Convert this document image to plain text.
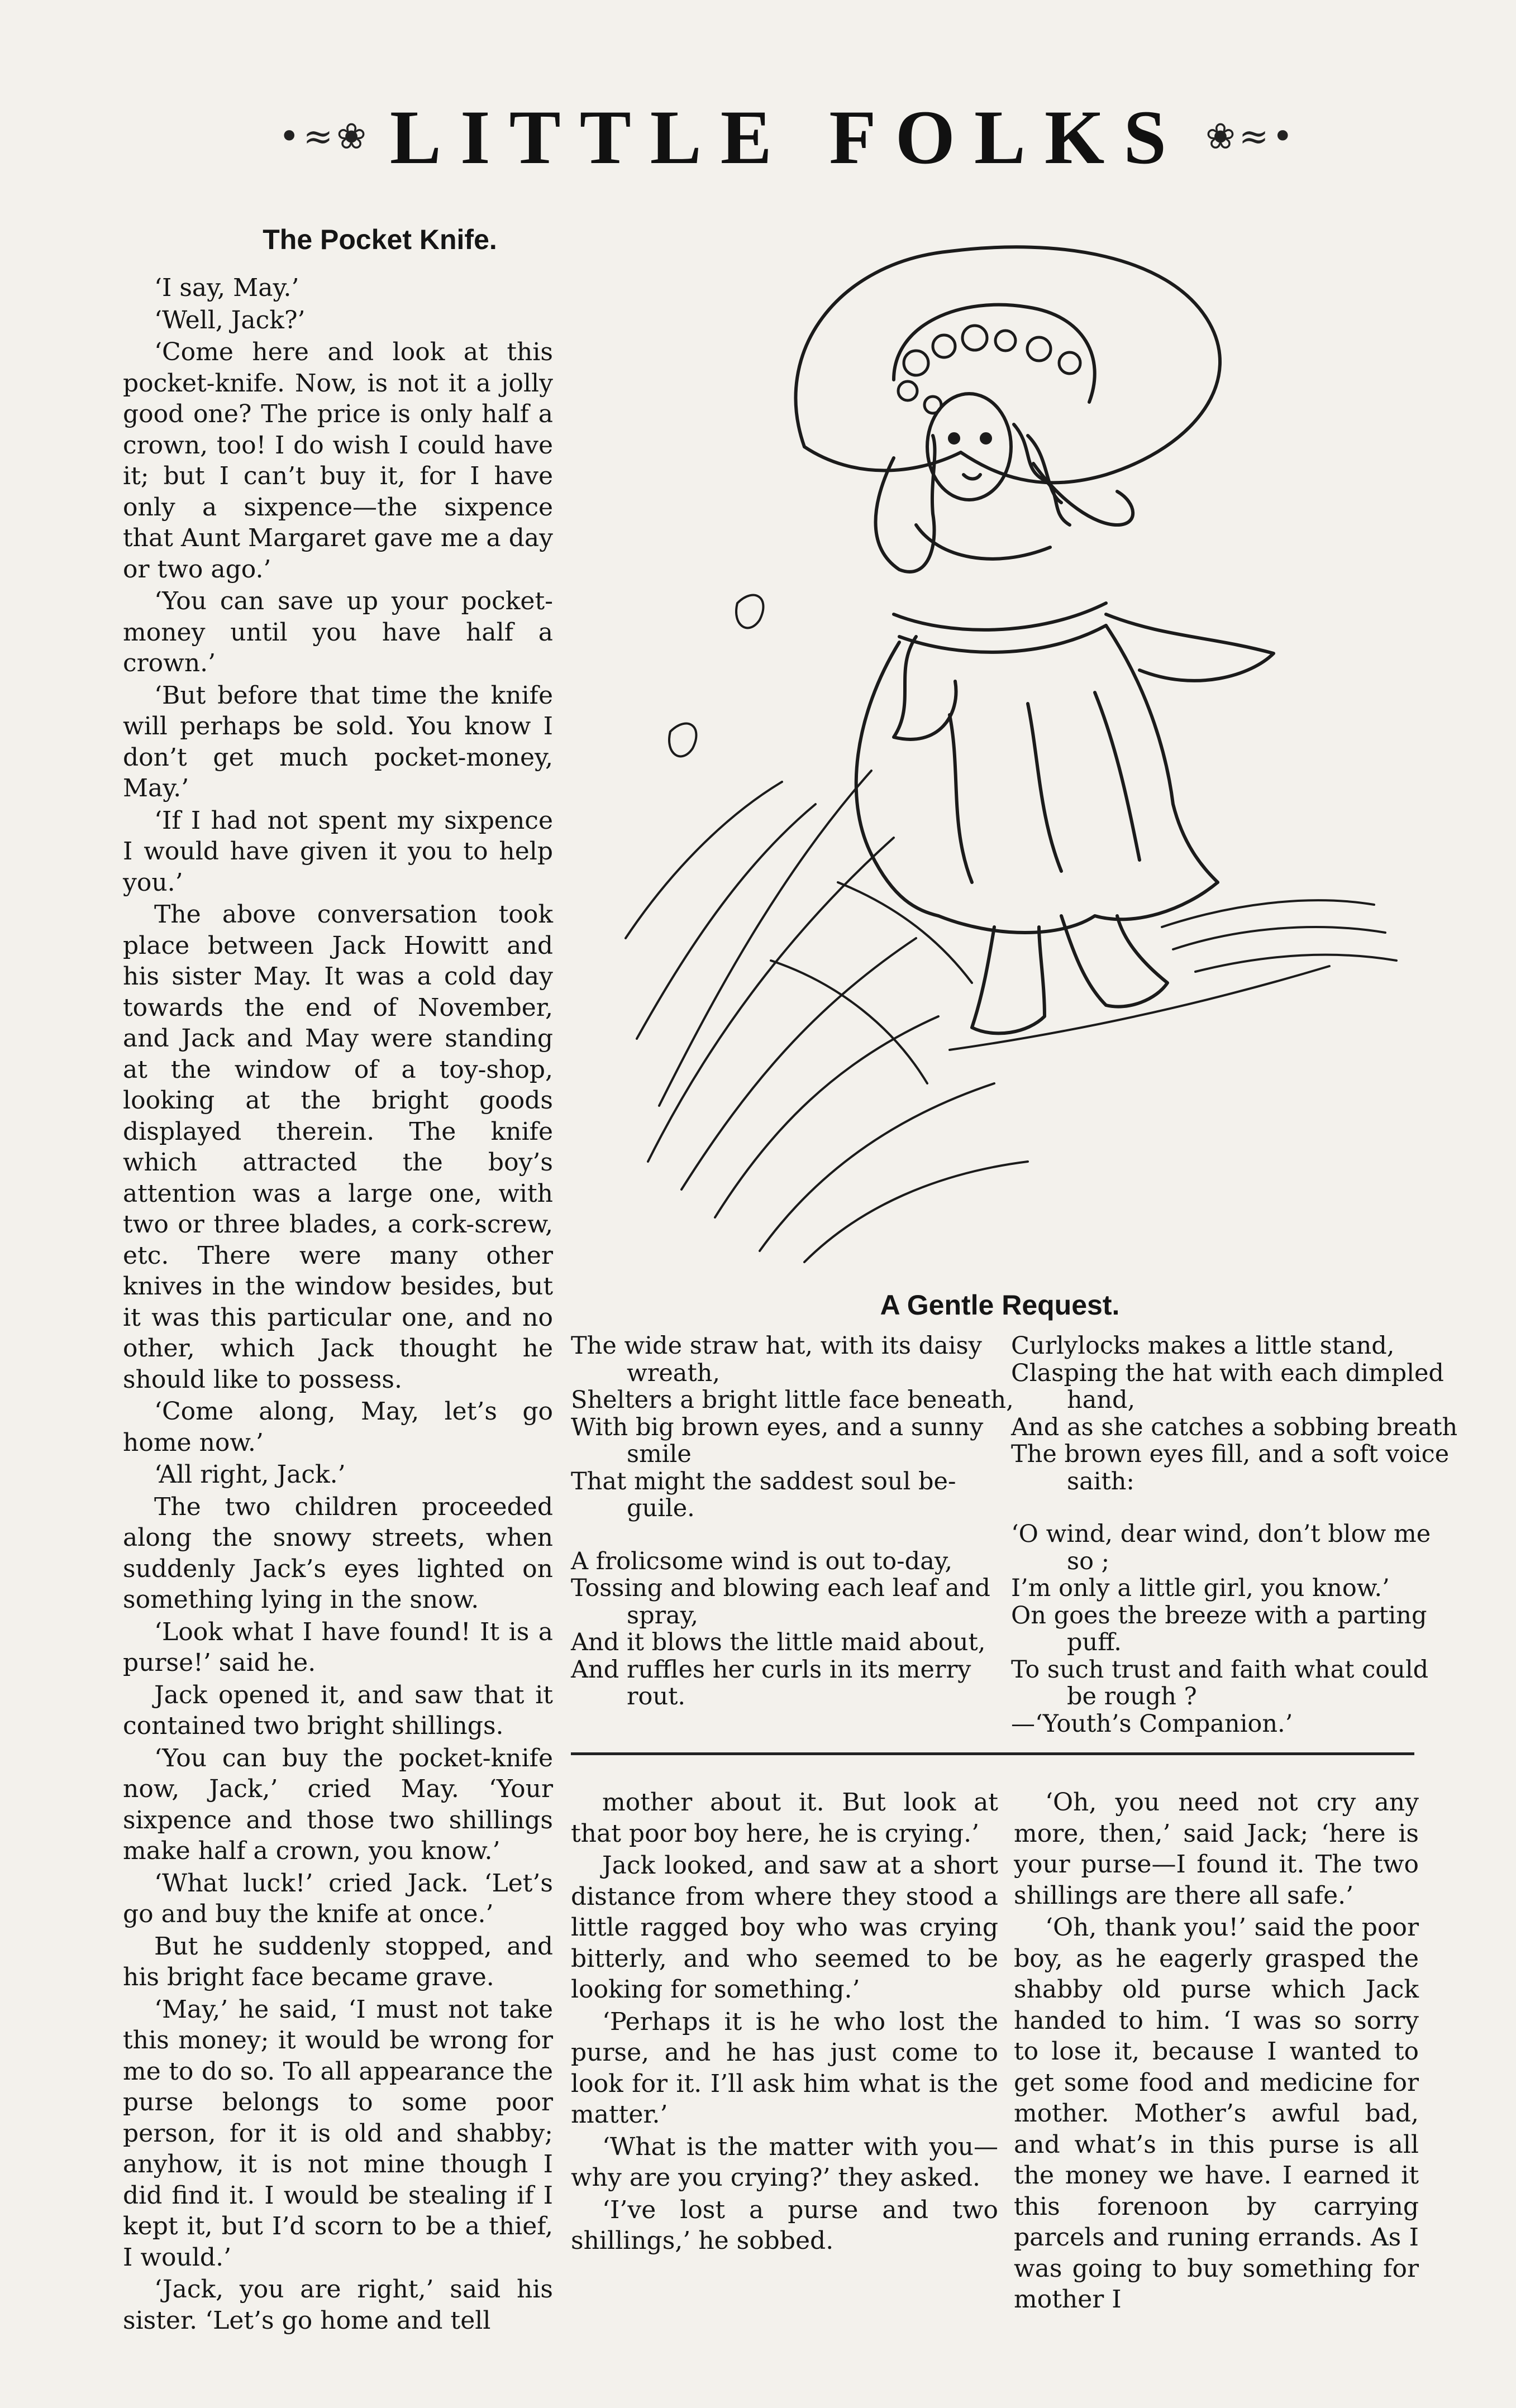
•≈❀ LITTLE FOLKS ❀≈•
The Pocket Knife.

‘I say, May.’

‘Well, Jack?’

‘Come here and look at this pocket-knife. Now, is not it a jolly good one? The price is only half a crown, too! I do wish I could have it; but I can’t buy it, for I have only a sixpence—the sixpence that Aunt Margaret gave me a day or two ago.’

‘You can save up your pocket-money until you have half a crown.’

‘But before that time the knife will perhaps be sold. You know I don’t get much pocket-money, May.’

‘If I had not spent my sixpence I would have given it you to help you.’

The above conversation took place between Jack Howitt and his sister May. It was a cold day towards the end of November, and Jack and May were standing at the window of a toy-shop, looking at the bright goods displayed therein. The knife which attracted the boy’s attention was a large one, with two or three blades, a cork-screw, etc. There were many other knives in the window besides, but it was this particular one, and no other, which Jack thought he should like to possess.

‘Come along, May, let’s go home now.’

‘All right, Jack.’

The two children proceeded along the snowy streets, when suddenly Jack’s eyes lighted on something lying in the snow.

‘Look what I have found! It is a purse!’ said he.

Jack opened it, and saw that it contained two bright shillings.

‘You can buy the pocket-knife now, Jack,’ cried May. ‘Your sixpence and those two shillings make half a crown, you know.’

‘What luck!’ cried Jack. ‘Let’s go and buy the knife at once.’

But he suddenly stopped, and his bright face became grave.

‘May,’ he said, ‘I must not take this money; it would be wrong for me to do so. To all appearance the purse belongs to some poor person, for it is old and shabby; anyhow, it is not mine though I did find it. I would be stealing if I kept it, but I’d scorn to be a thief, I would.’

‘Jack, you are right,’ said his sister. ‘Let’s go home and tell

A Gentle Request.
The wide straw hat, with its daisy
wreath,
Shelters a bright little face beneath,
With big brown eyes, and a sunny
smile
That might the saddest soul be-
guile.
A frolicsome wind is out to-day,
Tossing and blowing each leaf and
spray,
And it blows the little maid about,
And ruffles her curls in its merry
rout.
Curlylocks makes a little stand,
Clasping the hat with each dimpled
hand,
And as she catches a sobbing breath
The brown eyes fill, and a soft voice
saith:
‘O wind, dear wind, don’t blow me
so ;
I’m only a little girl, you know.’
On goes the breeze with a parting
puff.
To such trust and faith what could
be rough ?
—‘Youth’s Companion.’

mother about it. But look at that poor boy here, he is crying.’

Jack looked, and saw at a short distance from where they stood a little ragged boy who was crying bitterly, and who seemed to be looking for something.’

‘Perhaps it is he who lost the purse, and he has just come to look for it. I’ll ask him what is the matter.’

‘What is the matter with you—why are you crying?’ they asked.

‘I’ve lost a purse and two shillings,’ he sobbed.

‘Oh, you need not cry any more, then,’ said Jack; ‘here is your purse—I found it. The two shillings are there all safe.’

‘Oh, thank you!’ said the poor boy, as he eagerly grasped the shabby old purse which Jack handed to him. ‘I was so sorry to lose it, because I wanted to get some food and medicine for mother. Mother’s awful bad, and what’s in this purse is all the money we have. I earned it this forenoon by carrying parcels and runing errands. As I was going to buy something for mother I
